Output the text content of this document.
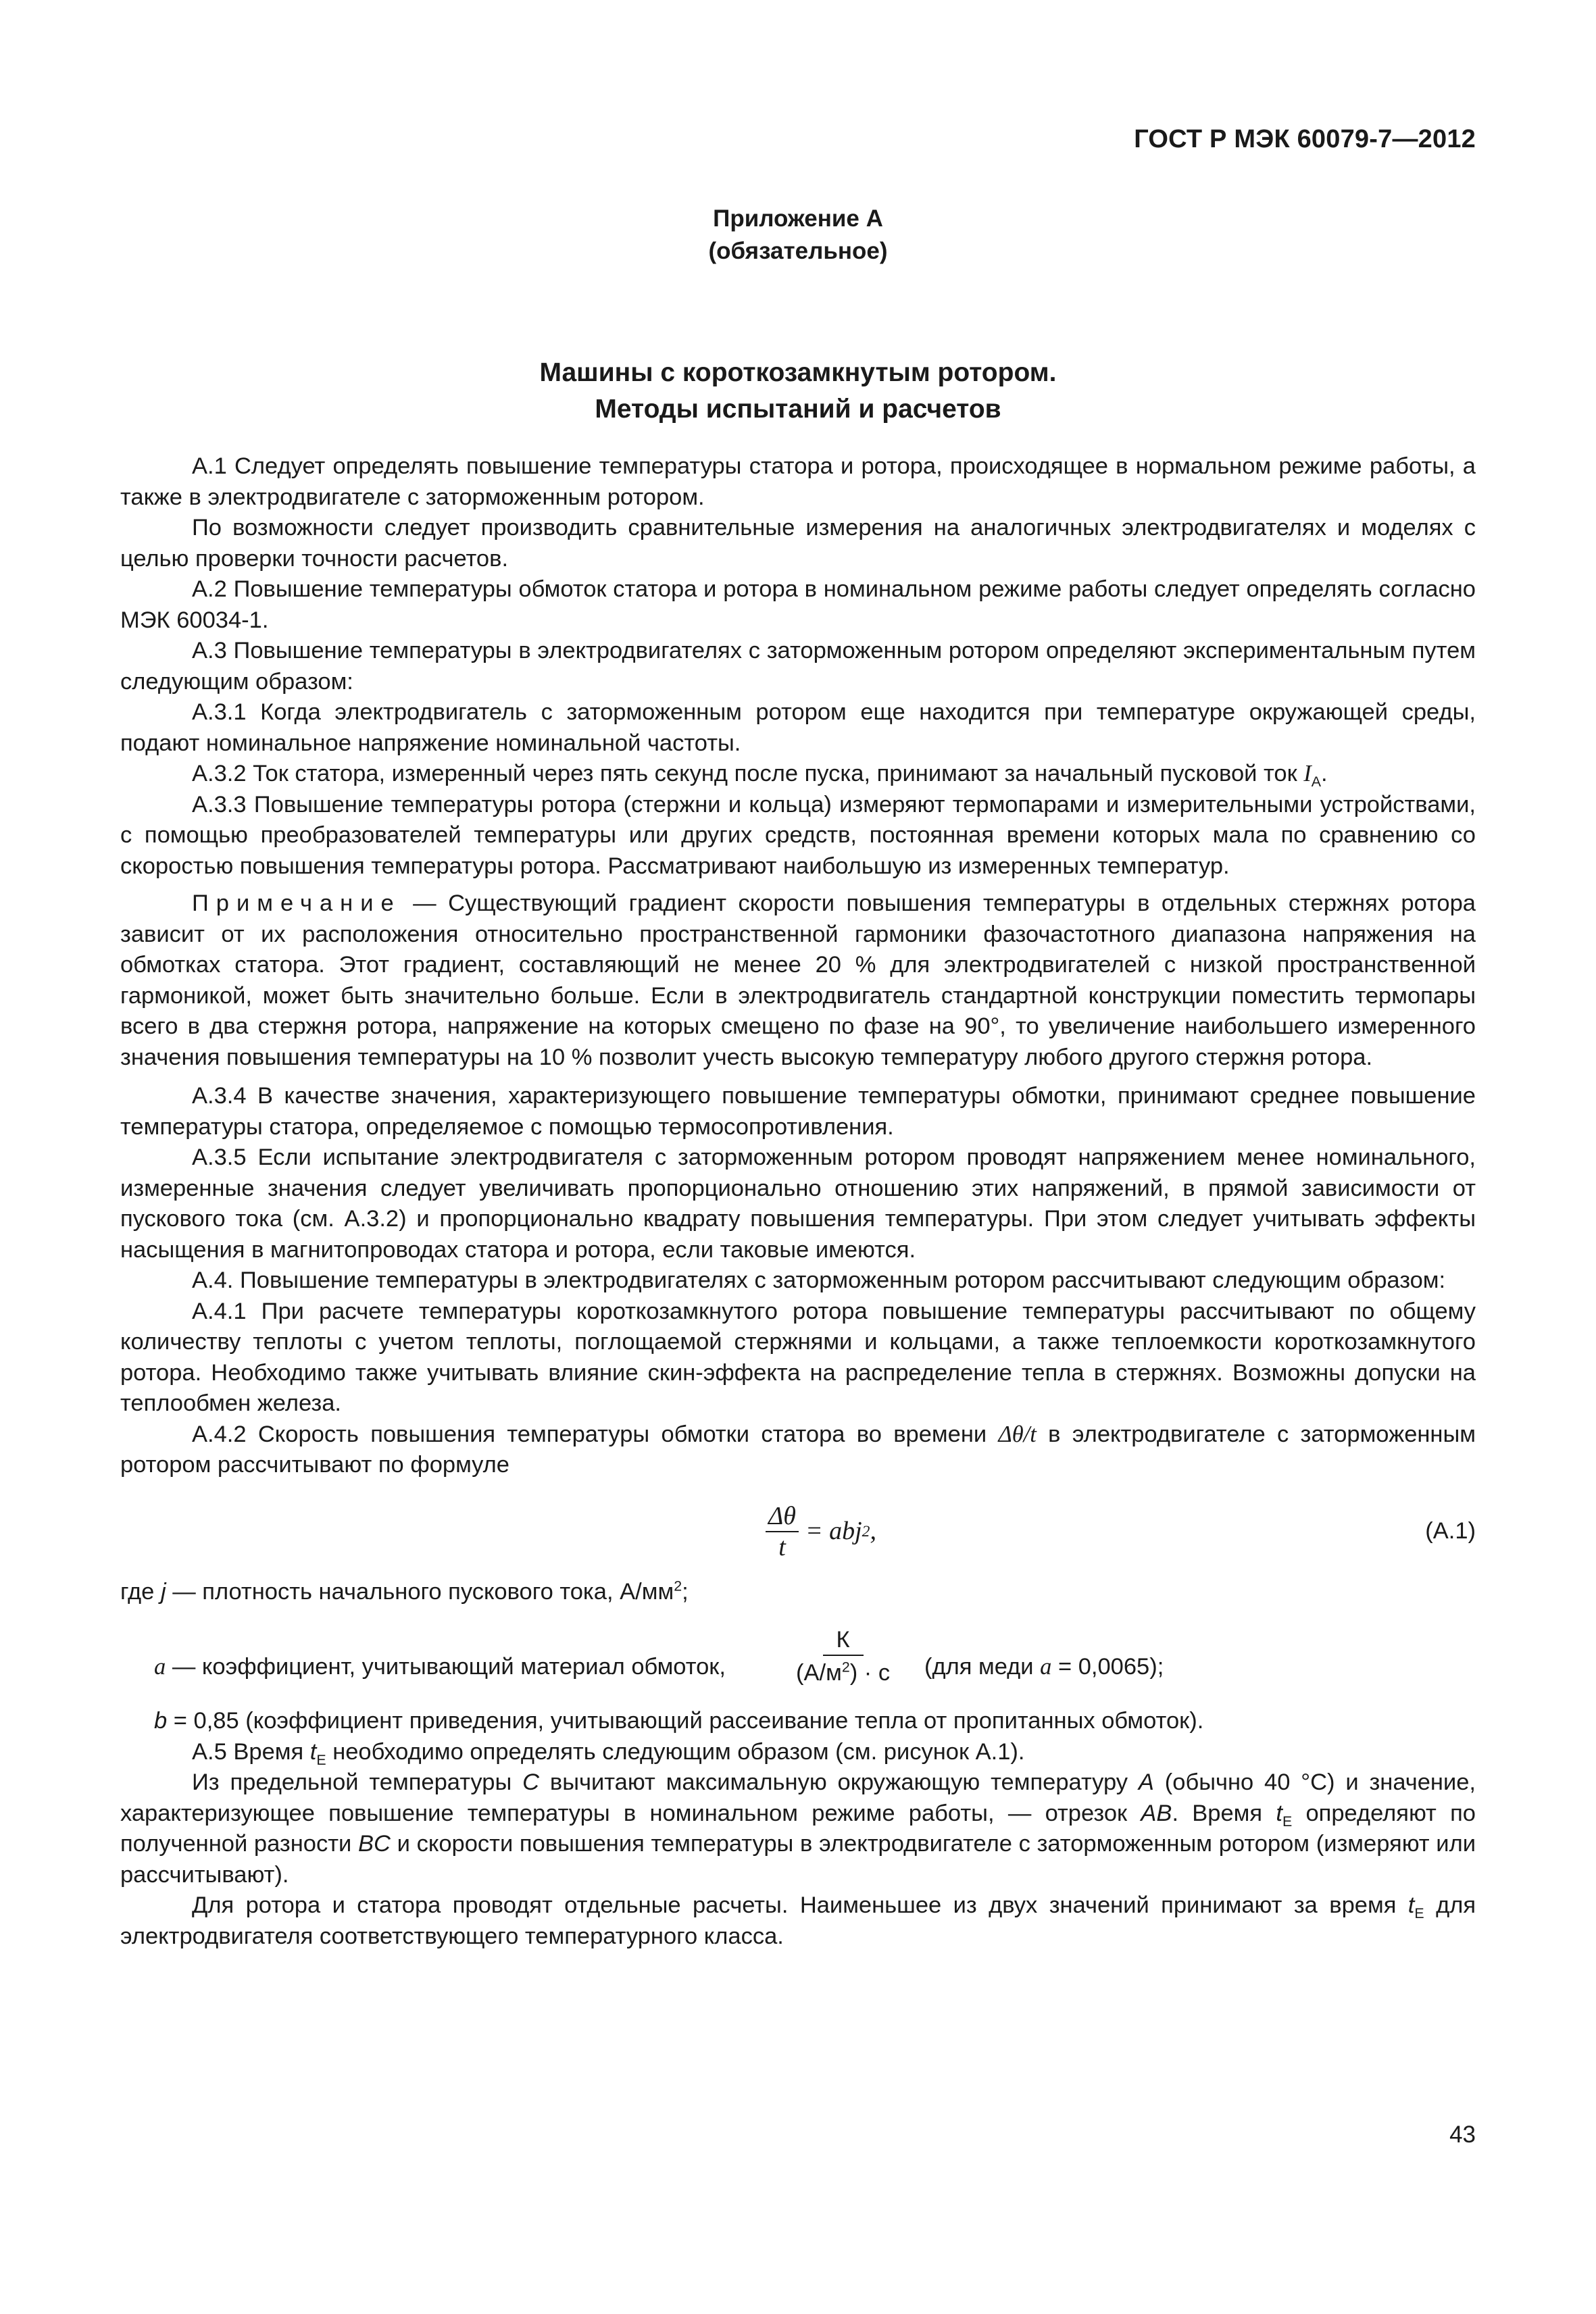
ГОСТ Р МЭК 60079-7—2012
Приложение А
(обязательное)
Машины с короткозамкнутым ротором.
Методы испытаний и расчетов

А.1 Следует определять повышение температуры статора и ротора, происходящее в нормальном режиме работы, а также в электродвигателе с заторможенным ротором.

По возможности следует производить сравнительные измерения на аналогичных электродвигателях и моделях с целью проверки точности расчетов.

А.2 Повышение температуры обмоток статора и ротора в номинальном режиме работы следует определять согласно МЭК 60034-1.

А.3 Повышение температуры в электродвигателях с заторможенным ротором определяют экспериментальным путем следующим образом:

А.3.1 Когда электродвигатель с заторможенным ротором еще находится при температуре окружающей среды, подают номинальное напряжение номинальной частоты.

А.3.2 Ток статора, измеренный через пять секунд после пуска, принимают за начальный пусковой ток $I_A$.

А.3.3 Повышение температуры ротора (стержни и кольца) измеряют термопарами и измерительными устройствами, с помощью преобразователей температуры или других средств, постоянная времени которых мала по сравнению со скоростью повышения температуры ротора. Рассматривают наибольшую из измеренных температур.

Примечание — Существующий градиент скорости повышения температуры в отдельных стержнях ротора зависит от их расположения относительно пространственной гармоники фазочастотного диапазона напряжения на обмотках статора. Этот градиент, составляющий не менее 20 % для электродвигателей с низкой пространственной гармоникой, может быть значительно больше. Если в электродвигатель стандартной конструкции поместить термопары всего в два стержня ротора, напряжение на которых смещено по фазе на 90°, то увеличение наибольшего измеренного значения повышения температуры на 10 % позволит учесть высокую температуру любого другого стержня ротора.

А.3.4 В качестве значения, характеризующего повышение температуры обмотки, принимают среднее повышение температуры статора, определяемое с помощью термосопротивления.

А.3.5 Если испытание электродвигателя с заторможенным ротором проводят напряжением менее номинального, измеренные значения следует увеличивать пропорционально отношению этих напряжений, в прямой зависимости от пускового тока (см. А.3.2) и пропорционально квадрату повышения температуры. При этом следует учитывать эффекты насыщения в магнитопроводах статора и ротора, если таковые имеются.

А.4. Повышение температуры в электродвигателях с заторможенным ротором рассчитывают следующим образом:

А.4.1 При расчете температуры короткозамкнутого ротора повышение температуры рассчитывают по общему количеству теплоты с учетом теплоты, поглощаемой стержнями и кольцами, а также теплоемкости короткозамкнутого ротора. Необходимо также учитывать влияние скин-эффекта на распределение тепла в стержнях. Возможны допуски на теплообмен железа.

А.4.2 Скорость повышения температуры обмотки статора во времени Δθ/t в электродвигателе с заторможенным ротором рассчитывают по формуле

$\frac{\Delta\theta}{t}$ = abj 2 ,	(А.1)
где j — плотность начального пускового тока, $А/мм^2$;
a — коэффициент, учитывающий материал обмоток,
К
$(А/м^2) \cdot с$ (для меди a = 0,0065);
b = 0,85 (коэффициент приведения, учитывающий рассеивание тепла от пропитанных обмоток).

А.5 Время $t_E$ необходимо определять следующим образом (см. рисунок А.1).

Из предельной температуры C вычитают максимальную окружающую температуру A (обычно 40 °С) и значение, характеризующее повышение температуры в номинальном режиме работы, — отрезок AB. Время $t_E$ определяют по полученной разности BC и скорости повышения температуры в электродвигателе с заторможенным ротором (измеряют или рассчитывают).

Для ротора и статора проводят отдельные расчеты. Наименьшее из двух значений принимают за время $t_E$ для электродвигателя соответствующего температурного класса.

43
